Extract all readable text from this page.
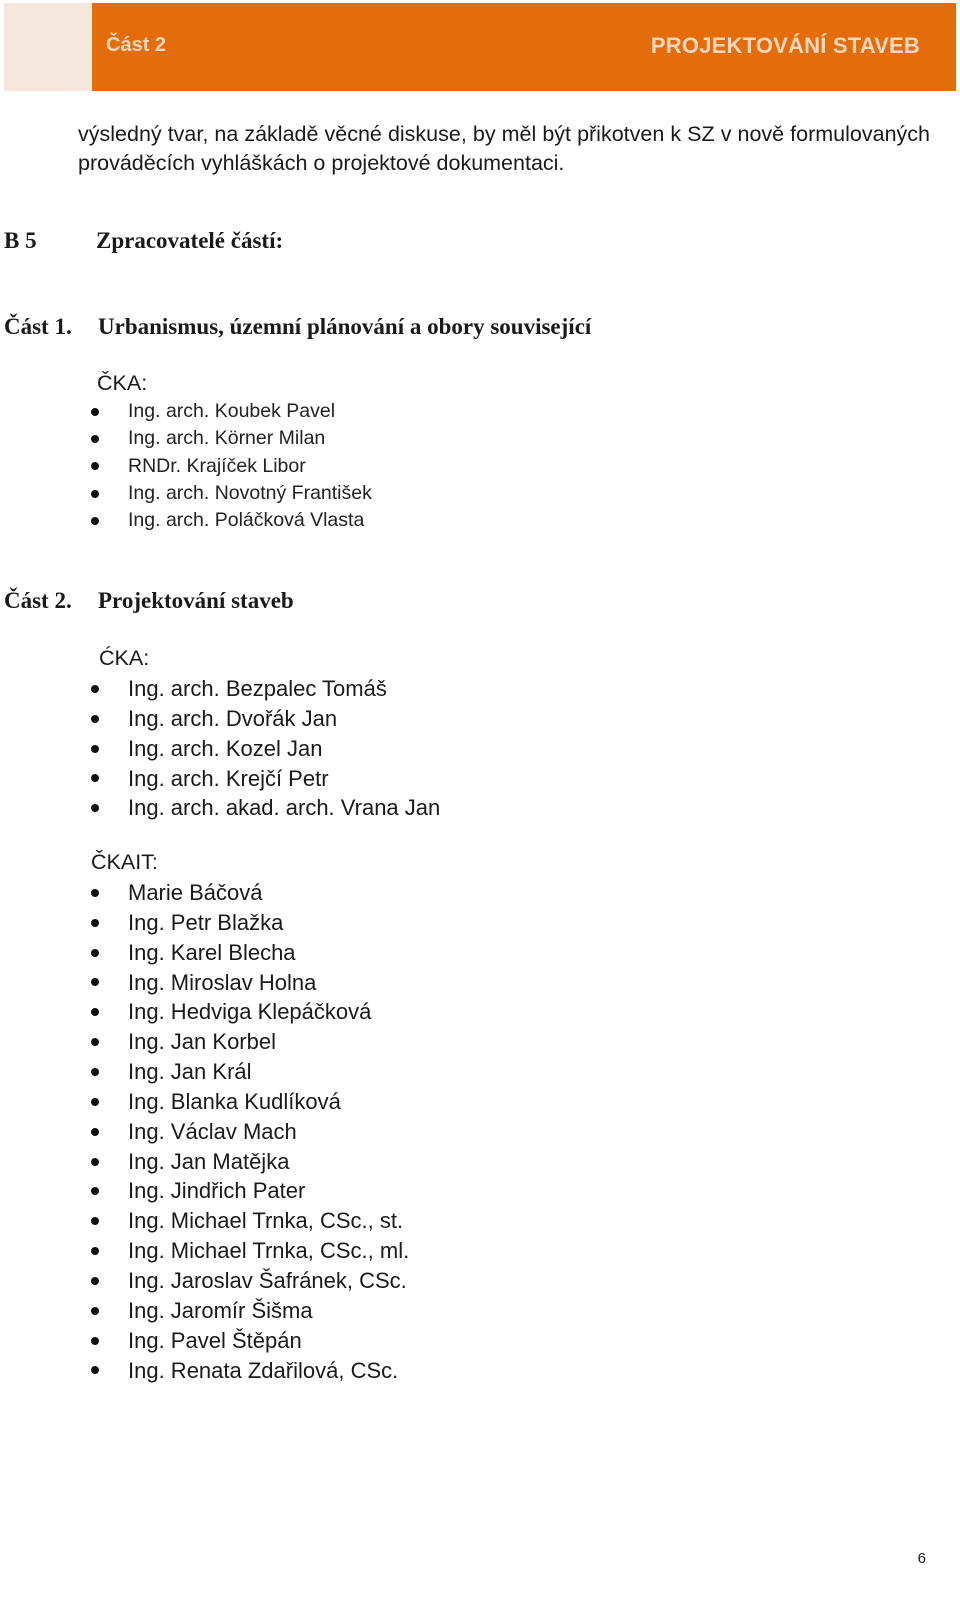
Část 2	PROJEKTOVÁNÍ STAVEB

výsledný tvar, na základě věcné diskuse, by měl být přikotven k SZ v nově formulovaných prováděcích vyhláškách o projektové dokumentaci.

B 5	Zpracovatelé částí:
Část 1. Urbanismus, územní plánování a obory související
ČKA:
Ing. arch. Koubek Pavel
Ing. arch. Körner Milan
RNDr. Krajíček Libor
Ing. arch. Novotný František
Ing. arch. Poláčková Vlasta
Část 2. Projektování staveb
ĆKA:
Ing. arch. Bezpalec Tomáš
Ing. arch. Dvořák Jan
Ing. arch. Kozel Jan
Ing. arch. Krejčí Petr
Ing. arch. akad. arch. Vrana Jan
ČKAIT:
Marie Báčová
Ing. Petr Blažka
Ing. Karel Blecha
Ing. Miroslav Holna
Ing. Hedviga Klepáčková
Ing. Jan Korbel
Ing. Jan Král
Ing. Blanka Kudlíková
Ing. Václav Mach
Ing. Jan Matějka
Ing. Jindřich Pater
Ing. Michael Trnka, CSc., st.
Ing. Michael Trnka, CSc., ml.
Ing. Jaroslav Šafránek, CSc.
Ing. Jaromír Šišma
Ing. Pavel Štěpán
Ing. Renata Zdařilová, CSc.
6
